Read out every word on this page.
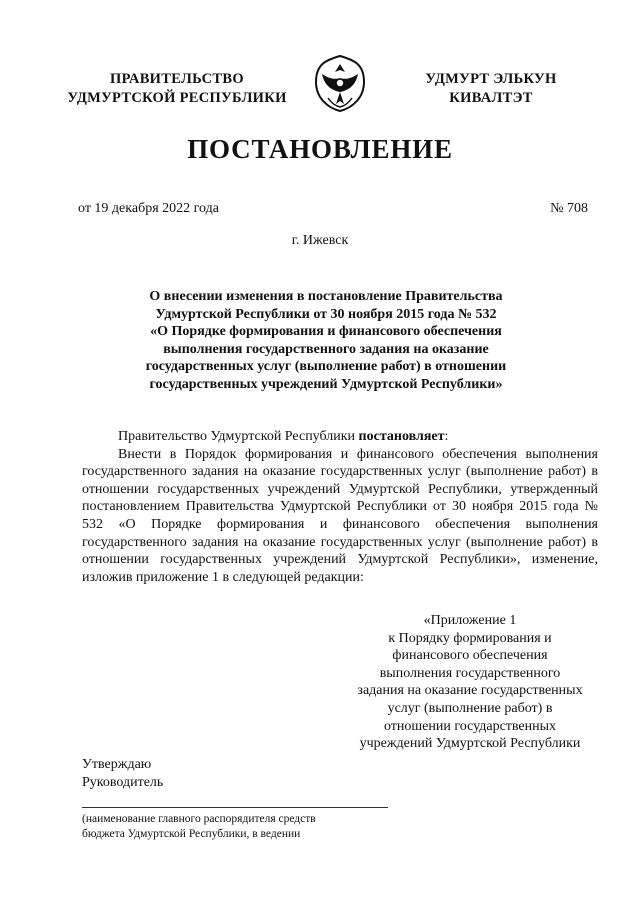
ПРАВИТЕЛЬСТВО
УДМУРТСКОЙ РЕСПУБЛИКИ
УДМУРТ ЭЛЬКУН
КИВАЛТЭТ
ПОСТАНОВЛЕНИЕ
от 19 декабря 2022 года	№ 708
г. Ижевск
О внесении изменения в постановление Правительства
Удмуртской Республики от 30 ноября 2015 года № 532
«О Порядке формирования и финансового обеспечения
выполнения государственного задания на оказание
государственных услуг (выполнение работ) в отношении
государственных учреждений Удмуртской Республики»

Правительство Удмуртской Республики постановляет:

Внести в Порядок формирования и финансового обеспечения выполнения государственного задания на оказание государственных услуг (выполнение работ) в отношении государственных учреждений Удмуртской Республики, утвержденный постановлением Правительства Удмуртской Республики от 30 ноября 2015 года № 532 «О Порядке формирования и финансового обеспечения выполнения государственного задания на оказание государственных услуг (выполнение работ) в отношении государственных учреждений Удмуртской Республики», изменение, изложив приложение 1 в следующей редакции:

«Приложение 1
к Порядку формирования и
финансового обеспечения
выполнения государственного
задания на оказание государственных
услуг (выполнение работ) в
отношении государственных
учреждений Удмуртской Республики
Утверждаю
Руководитель
(наименование главного распорядителя средств
бюджета Удмуртской Республики, в ведении
